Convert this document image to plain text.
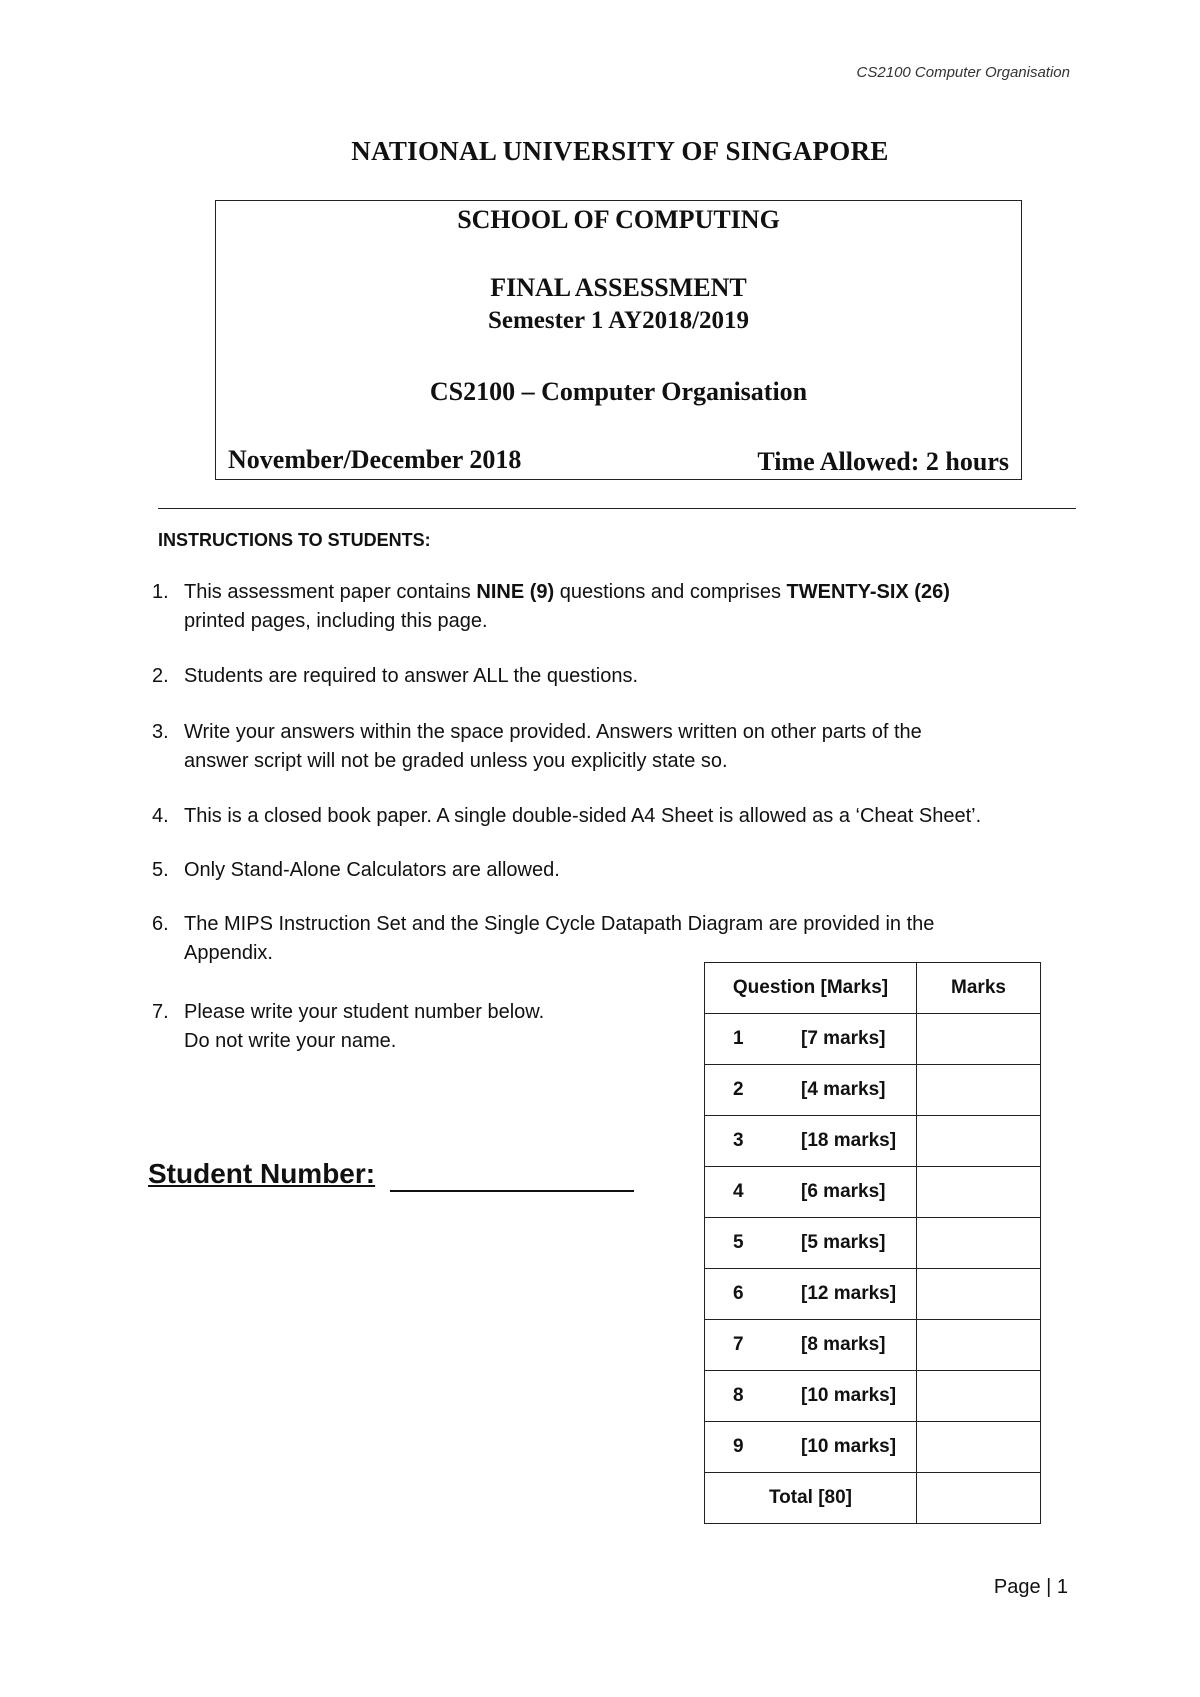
CS2100 Computer Organisation
NATIONAL UNIVERSITY OF SINGAPORE
SCHOOL OF COMPUTING
FINAL ASSESSMENT
Semester 1 AY2018/2019
CS2100 – Computer Organisation
November/December 2018	Time Allowed: 2 hours
INSTRUCTIONS TO STUDENTS:
1. This assessment paper contains NINE (9) questions and comprises TWENTY-SIX (26)
printed pages, including this page.
2. Students are required to answer ALL the questions.
3. Write your answers within the space provided. Answers written on other parts of the
answer script will not be graded unless you explicitly state so.
4. This is a closed book paper. A single double-sided A4 Sheet is allowed as a ‘Cheat Sheet’.
5. Only Stand-Alone Calculators are allowed.
6. The MIPS Instruction Set and the Single Cycle Datapath Diagram are provided in the
Appendix.
7. Please write your student number below.
Do not write your name.
Student Number:
Question [Marks]	Marks

1 [7 marks]	

2 [4 marks]	

3 [18 marks]	

4 [6 marks]	

5 [5 marks]	

6 [12 marks]	

7 [8 marks]	

8 [10 marks]	

9 [10 marks]	

Total [80]	
Page | 1
